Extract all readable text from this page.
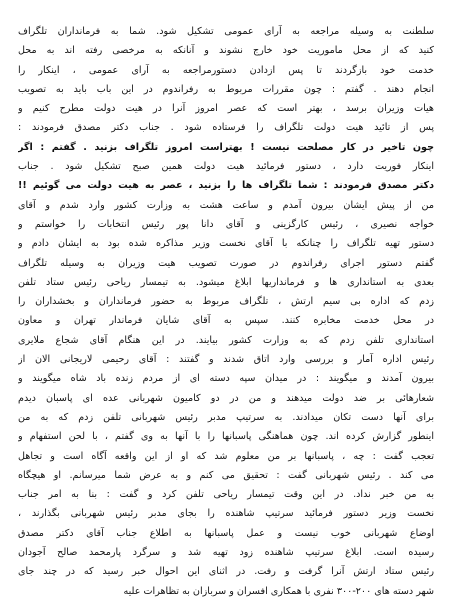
سلطنت به وسیله مراجعه به آرای عمومی تشکیل شود. شما به فرمانداران تلگراف
کنید که از محل ماموریت خود خارج نشوند و آنانکه به مرخصی رفته اند به محل
خدمت خود بازگردند تا پس ازدادن دستورمراجعه به آرای عمومی ، اینکار را
انجام دهند . گفتم : چون مقررات مربوط به رفراندوم در این باب باید به تصویب
هیات وزیران برسد ، بهتر است که عصر امروز آنرا در هیت دولت مطرح کنیم و
پس از تائید هیت دولت تلگراف را فرستاده شود . جناب دکتر مصدق فرمودند :
چون تاخیر در کار مصلحت نیست ! بهتراست امروز تلگراف بزنید . گفتم : اگر
اینکار فوریت دارد ، دستور فرمائید هیت دولت همین صبح تشکیل شود . جناب
دکتر مصدق فرمودند : شما تلگراف ها را بزنید ، عصر به هیت دولت می گوئیم !!
من از پیش ایشان بیرون آمدم و ساعت هشت به وزارت کشور وارد شدم و آقای
خواجه نصیری ، رئیس کارگزینی و آقای دانا پور رئیس انتخابات را خواستم و
دستور تهیه تلگراف را چنانکه با آقای نخست وزیر مذاکره شده بود به ایشان دادم و
گفتم دستور اجرای رفراندوم در صورت تصویب هیت وزیران به وسیله تلگراف
بعدی به استانداری ها و فرمانداریها ابلاغ میشود. به تیمسار ریاحی رئیس ستاد تلفن
زدم که اداره بی سیم ارتش ، تلگراف مربوط به حضور فرمانداران و بخشداران را
در محل خدمت مخابره کنند. سپس به آقای شایان فرماندار تهران و معاون
استانداری تلفن زدم که به وزارت کشور بیایند. در این هنگام آقای شجاع ملایری
رئیس اداره آمار و بررسی وارد اتاق شدند و گفتند : آقای رحیمی لاریجانی الان از
بیرون آمدند و میگویند : در میدان سپه دسته ای از مردم زنده باد شاه میگویند و
شعارهائی بر ضد دولت میدهند و من در دو کامیون شهربانی عده ای پاسبان دیدم
برای آنها دست تکان میدادند. به سرتیپ مدبر رئیس شهربانی تلفن زدم که به من
اینطور گزارش کرده اند. چون هماهنگی پاسبانها را با آنها به وی گفتم ، با لحن استفهام و
تعجب گفت : چه ، پاسبانها بر من معلوم شد که او از این واقعه آگاه است و تجاهل
می کند . رئیس شهربانی گفت : تحقیق می کنم و به عرض شما میرسانم. او هیچگاه
به من خبر نداد. در این وقت تیمسار ریاحی تلفن کرد و گفت : بنا به امر جناب
نخست وزیر دستور فرمائید سرتیپ شاهنده را بجای مدبر رئیس شهربانی بگذارند ،
اوضاع شهربانی خوب نیست و عمل پاسبانها به اطلاع جناب آقای دکتر مصدق
رسیده است. ابلاغ سرتیپ شاهنده زود تهیه شد و سرگرد پارمحمد صالح آجودان
رئیس ستاد ارتش آنرا گرفت و رفت. در اثنای این احوال خبر رسید که در چند جای
شهر دسته های ۲۰۰-۳۰۰ نفری با همکاری افسران و سربازان به تظاهرات علیه
